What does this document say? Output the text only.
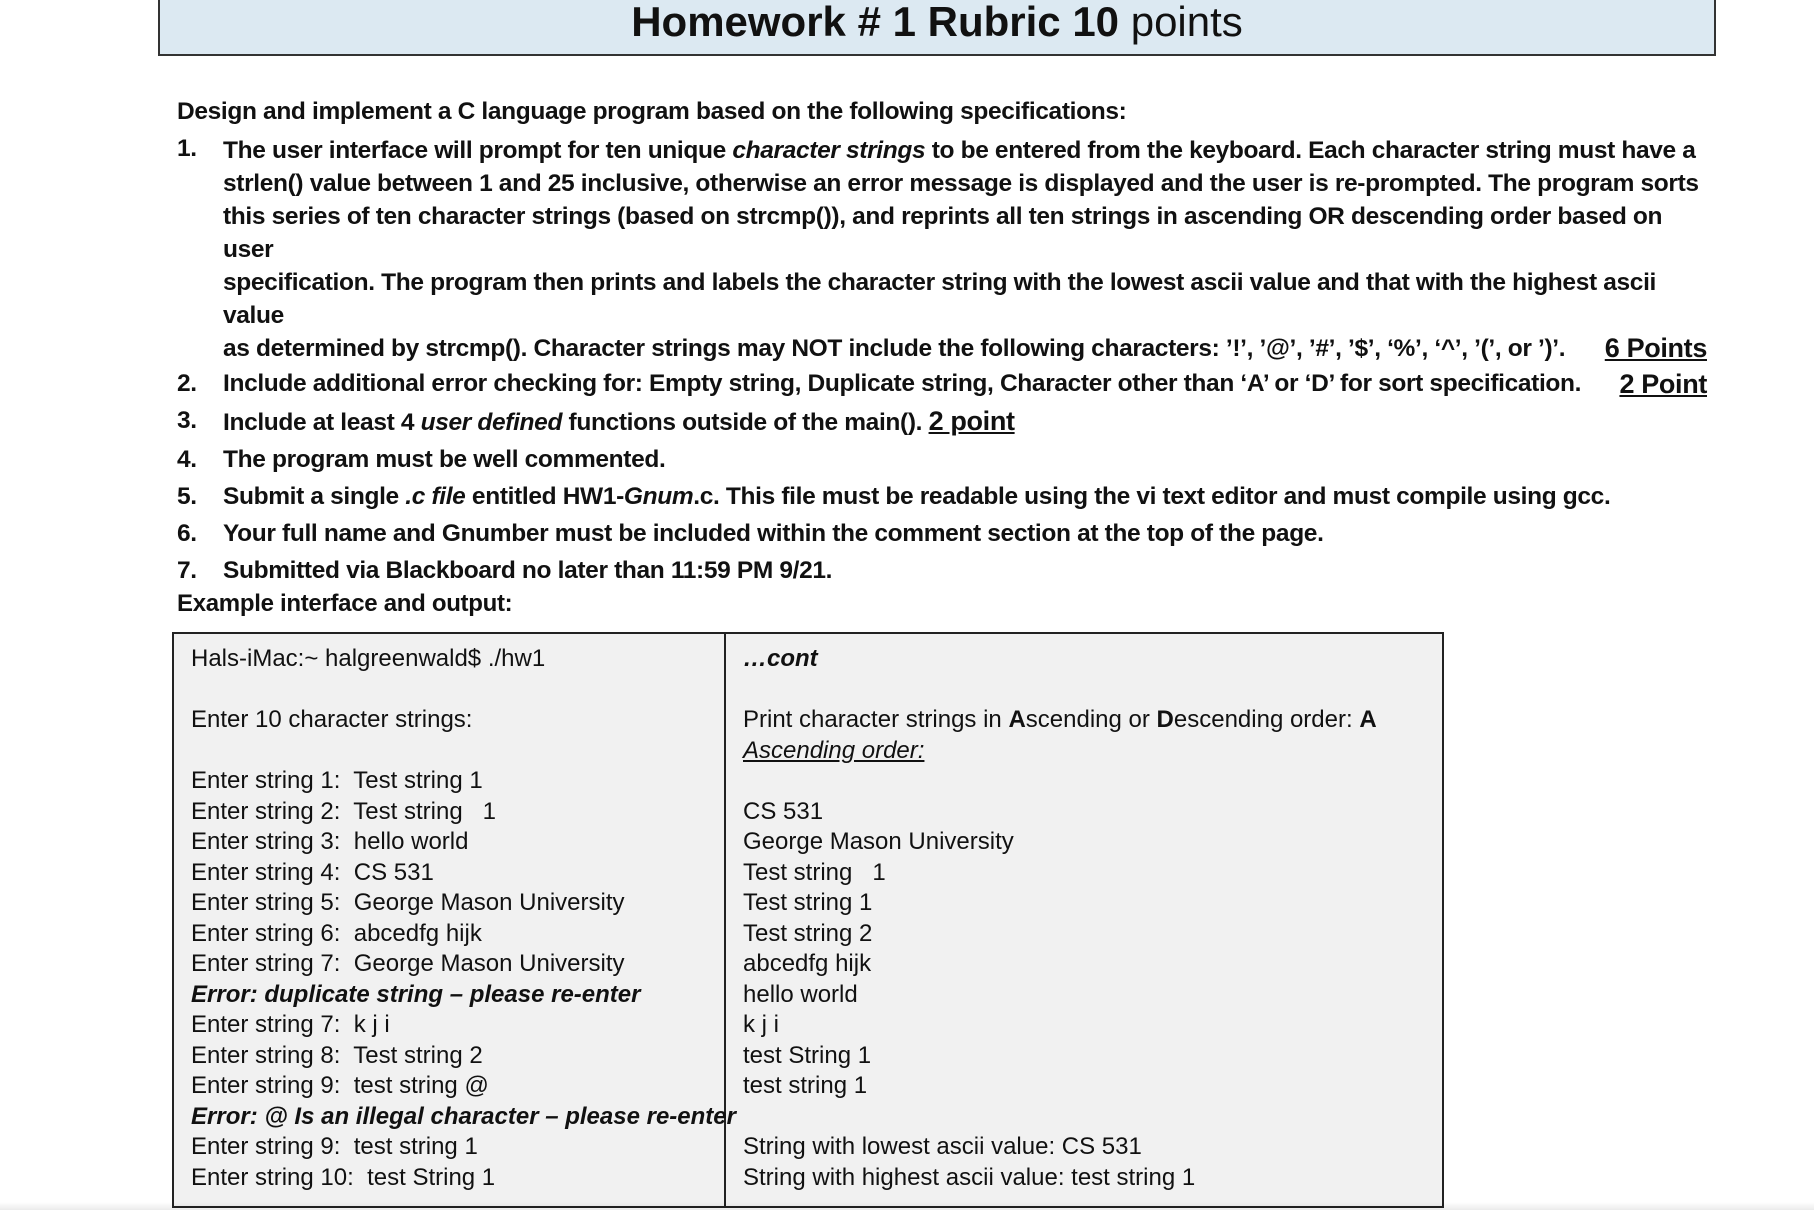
Homework # 1 Rubric 10 points
Design and implement a C language program based on the following specifications:
1. The user interface will prompt for ten unique character strings to be entered from the keyboard. Each character string must have a
strlen() value between 1 and 25 inclusive, otherwise an error message is displayed and the user is re-prompted. The program sorts
this series of ten character strings (based on strcmp()), and reprints all ten strings in ascending OR descending order based on user
specification. The program then prints and labels the character string with the lowest ascii value and that with the highest ascii value
as determined by strcmp(). Character strings may NOT include the following characters: ’!’, ’@’, ’#’, ’$’, ‘%’, ‘^’, ’(’, or ’)’. 6 Points
2. Include additional error checking for: Empty string, Duplicate string, Character other than ‘A’ or ‘D’ for sort specification. 2 Point
3. Include at least 4 user defined functions outside of the main(). 2 point
4. The program must be well commented.
5. Submit a single .c file entitled HW1-Gnum.c. This file must be readable using the vi text editor and must compile using gcc.
6. Your full name and Gnumber must be included within the comment section at the top of the page.
7. Submitted via Blackboard no later than 11:59 PM 9/21.
Example interface and output:
Hals-iMac:~ halgreenwald$ ./hw1
Enter 10 character strings:
Enter string 1:  Test string 1
Enter string 2:  Test string   1
Enter string 3:  hello world
Enter string 4:  CS 531
Enter string 5:  George Mason University
Enter string 6:  abcedfg hijk
Enter string 7:  George Mason University
Error: duplicate string – please re-enter
Enter string 7:  k j i
Enter string 8:  Test string 2
Enter string 9:  test string @
Error: @ Is an illegal character – please re-enter
Enter string 9:  test string 1
Enter string 10:  test String 1
…cont
Print character strings in Ascending or Descending order: A
Ascending order:
CS 531
George Mason University
Test string   1
Test string 1
Test string 2
abcedfg hijk
hello world
k j i
test String 1
test string 1
String with lowest ascii value: CS 531
String with highest ascii value: test string 1
